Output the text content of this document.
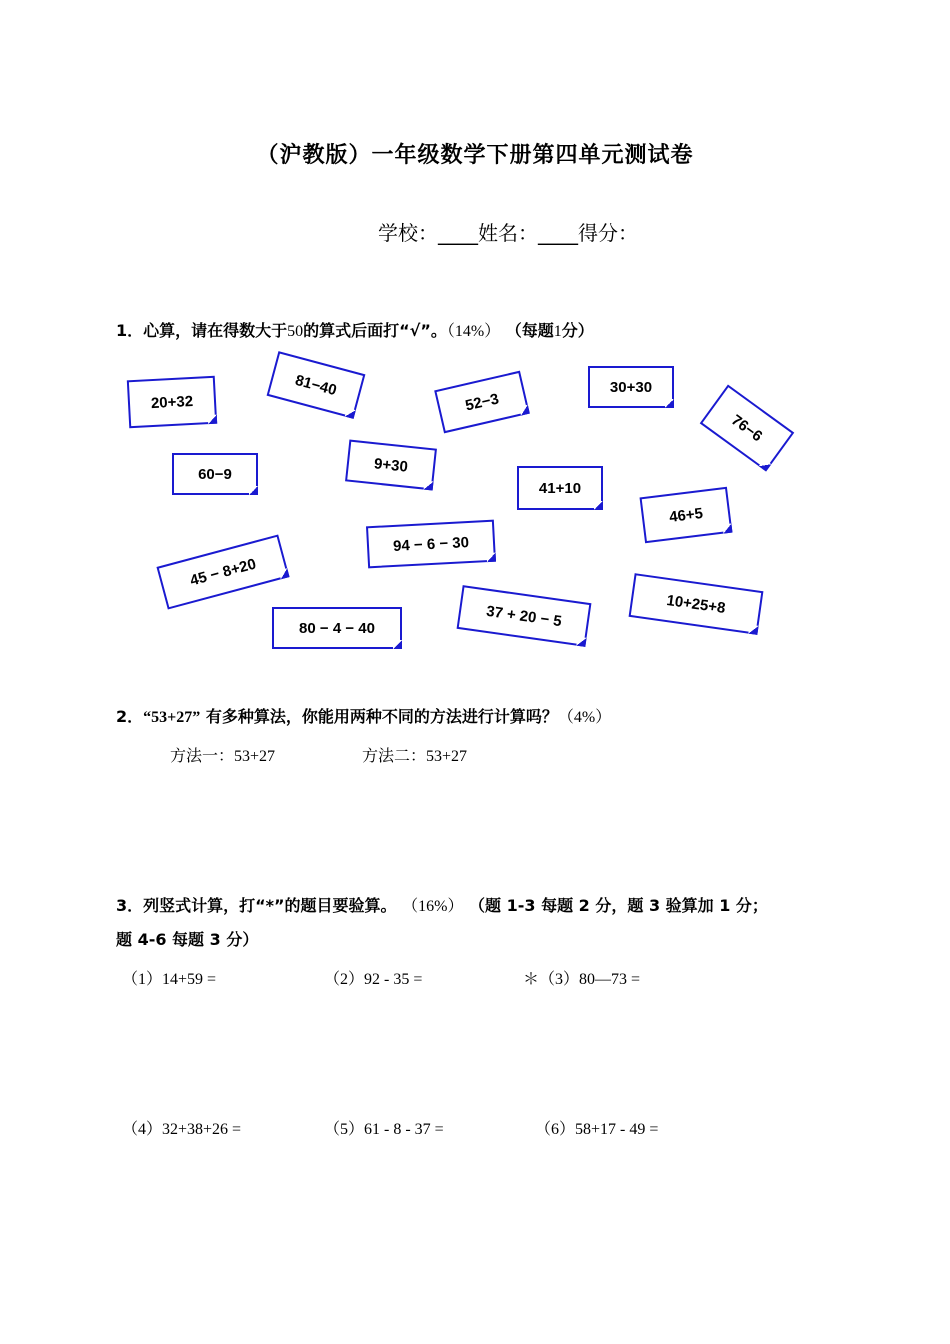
（沪教版）一年级数学下册第四单元测试卷
学校：____姓名：____得分：
1．心算，请在得数大于50的算式后面打“√”。（14%） （每题1分）
20+32
81−40
52−3
30+30
76−6
60−9	9+30
41+10
46+5
94 − 6 − 30
45 − 8+20
80 − 4 − 40	37 + 20 − 5	10+25+8
2．“53+27” 有多种算法，你能用两种不同的方法进行计算吗？（4%）
方法一：53+27	方法二：53+27
3．列竖式计算，打“*”的题目要验算。 （16%） （题 1-3 每题 2 分，题 3 验算加 1 分；
题 4-6 每题 3 分）
（1）14+59 =	（2）92 - 35 =	＊（3）80—73 =
（4）32+38+26 =	（5）61 - 8 - 37 =	（6）58+17 - 49 =
